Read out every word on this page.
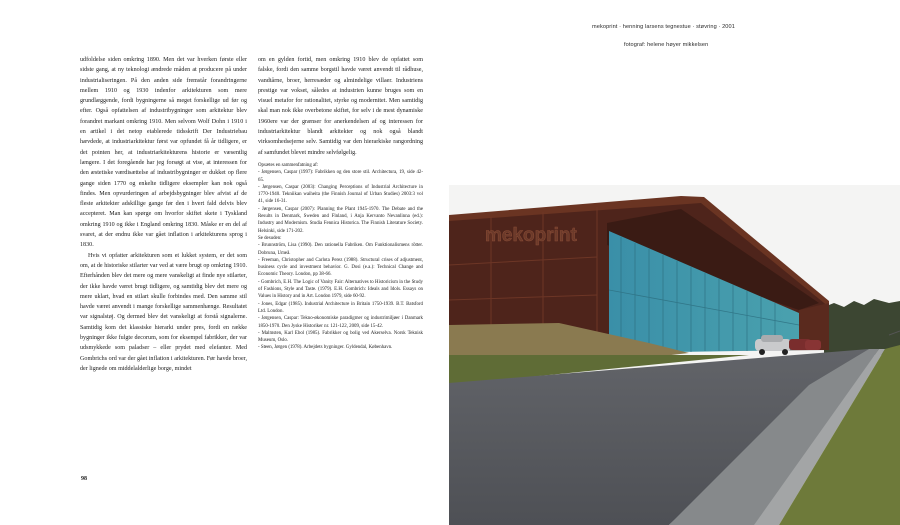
udfoldelse siden omkring 1890. Men det var hverken første eller sidste gang, at ny teknologi ændrede måden at producere på under industrialiseringen. På den anden side fremstår forandringerne mellem 1910 og 1930 indenfor arkitekturen som mere grundlæggende, fordi bygningerne så meget forskellige ud før og efter. Også opfattelsen af industribygninger som arkitektur blev forandret markant omkring 1910. Men selvom Wolf Dohn i 1910 i en artikel i det netop etablerede tidsskrift Der Industriebau hævdede, at industriarkitektur først var opfundet få år tidligere, er det pointen her, at industriarkitekturens historie er væsentlig længere. I det foregående har jeg forsøgt at vise, at interessen for den æstetiske værdisættelse af industribygninger er dukket op flere gange siden 1770 og enkelte tidligere eksempler kan nok også findes. Men opvurderingen af arbejdsbygninger blev afvist af de fleste arkitekter adskillige gange før den i hvert fald delvis blev accepteret. Man kan spørge om hvorfor skiftet skete i Tyskland omkring 1910 og ikke i England omkring 1830. Måske er en del af svaret, at der endnu ikke var gået inflation i arkitekturens sprog i 1830.

Hvis vi opfatter arkitekturen som et lukket system, er det som om, at de historiske stilarter var ved at være brugt op omkring 1910. Efterhånden blev det mere og mere vanskeligt at finde nye stilarter, der ikke havde været brugt tidligere, og samtidig blev det mere og mere uklart, hvad en stilart skulle forbindes med. Den samme stil havde været anvendt i mange forskellige sammenhænge. Resultatet var signalstøj. Og dermed blev det vanskeligt at forstå signalerne. Samtidig kom det klassiske hierarki under pres, fordi en række bygninger ikke fulgte decorum, som for eksempel fabrikker, der var udsmykkede som paladser – eller prydet med elefanter. Med Gombrichs ord var der gået inflation i arkitekturen. Før havde broer, der lignede om middelalderlige borge, mindet

om en gylden fortid, men omkring 1910 blev de opfattet som falske, fordi den samme borgstil havde været anvendt til rådhuse, vandtårne, broer, herresæder og almindelige villaer. Industriens prestige var vokset, således at industrien kunne bruges som en visuel metafor for rationalitet, styrke og modernitet. Men samtidig skal man nok ikke overbetone skiftet, for selv i de mest dynamiske 1960ere var der grænser for anerkendelsen af og interessen for industriarkitektur blandt arkitekter og nok også blandt virksomhedsejerne selv. Samtidig var den hierarkiske rangordning af samfundet blevet mindre selvfølgelig.

Opsætes en sammenfatning af:

- Jørgensen, Caspar (1997): Fabrikken og den store stil. Architectura, 19, side 42-65.

- Jørgensen, Caspar (2003): Changing Perceptions of Industrial Architecture in 1770-1940. Tekniikan waiheita (the Finnish Journal of Urban Studies) 2003:3 vol 41, side 16-31.

- Jørgensen, Caspar (2007): Planning the Plant 1945-1970. The Debate and the Results in Denmark, Sweden and Finland, i Anja Kervanto Nevanlinna (ed.): Industry and Modernism. Studia Fennica Historica. The Finnish Literature Society. Helsinki, side 171-202.

Se desuden:

- Brunnström, Lisa (1990). Den rationella Fabriken. Om Funktionalismens rötter. Dobruna, Umeå.

- Freeman, Christopher and Carlota Perez (1988). Structural crises of adjustment, business cycle and investment behavior. G. Dosi (e.a.): Technical Change and Economic Theory. London, pp 38-66.

- Gombrich, E.H. The Logic of Vanity Fair: Alternatives to Historicism in the Study of Fashions, Style and Taste. (1979). E.H. Gombrich: Ideals and Idols. Essays on Values in History and in Art. London 1979, side 60-92.

- Jones, Edgar (1985). Industrial Architecture in Britain 1750-1939. B.T. Batsford Ltd. London.

- Jørgensen, Caspar: Tekno-økonomiske paradigmer og industrimiljøer i Danmark 1850-1970. Den Jyske Historiker nr. 121-122, 2009, side 15-42.

- Malmsten, Karl Ebol (1985). Fabrikker og bolig ved Akerselva. Norsk Teknisk Museum, Oslo.

- Steen, Jørgen (1978). Arbejdets bygninger. Gyldendal, København.

98
mekoprint · henning larsens tegnestue · støvring · 2001
fotograf: helene høyer mikkelsen
mekoprint
